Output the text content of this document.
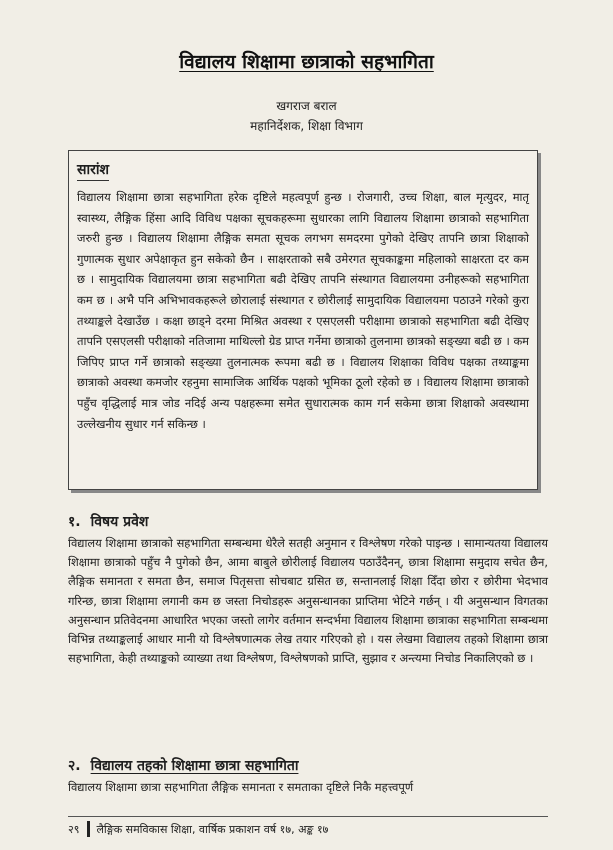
विद्यालय शिक्षामा छात्राको सहभागिता
खगराज बराल
महानिर्देशक, शिक्षा विभाग
सारांश

विद्यालय शिक्षामा छात्रा सहभागिता हरेक दृष्टिले महत्वपूर्ण हुन्छ । रोजगारी, उच्च शिक्षा, बाल मृत्युदर, मातृ स्वास्थ्य, लैङ्गिक हिंसा आदि विविध पक्षका सूचकहरूमा सुधारका लागि विद्यालय शिक्षामा छात्राको सहभागिता जरुरी हुन्छ । विद्यालय शिक्षामा लैङ्गिक समता सूचक लगभग समदरमा पुगेको देखिए तापनि छात्रा शिक्षाको गुणात्मक सुधार अपेक्षाकृत हुन सकेको छैन । साक्षरताको सबै उमेरगत सूचकाङ्कमा महिलाको साक्षरता दर कम छ । सामुदायिक विद्यालयमा छात्रा सहभागिता बढी देखिए तापनि संस्थागत विद्यालयमा उनीहरूको सहभागिता कम छ । अभै पनि अभिभावकहरूले छोरालाई संस्थागत र छोरीलाई सामुदायिक विद्यालयमा पठाउने गरेको कुरा तथ्याङ्कले देखाउँछ । कक्षा छाड्ने दरमा मिश्रित अवस्था र एसएलसी परीक्षामा छात्राको सहभागिता बढी देखिए तापनि एसएलसी परीक्षाको नतिजामा माथिल्लो ग्रेड प्राप्त गर्नेमा छात्राको तुलनामा छात्रको सङ्ख्या बढी छ । कम जिपिए प्राप्त गर्ने छात्राको सङ्ख्या तुलनात्मक रूपमा बढी छ । विद्यालय शिक्षाका विविध पक्षका तथ्याङ्कमा छात्राको अवस्था कमजोर रहनुमा सामाजिक आर्थिक पक्षको भूमिका ठूलो रहेको छ । विद्यालय शिक्षामा छात्राको पहुँच वृद्धिलाई मात्र जोड नदिई अन्य पक्षहरूमा समेत सुधारात्मक काम गर्न सकेमा छात्रा शिक्षाको अवस्थामा उल्लेखनीय सुधार गर्न सकिन्छ ।

१. विषय प्रवेश

विद्यालय शिक्षामा छात्राको सहभागिता सम्बन्धमा धेरैले सतही अनुमान र विश्लेषण गरेको पाइन्छ । सामान्यतया विद्यालय शिक्षामा छात्राको पहुँच नै पुगेको छैन, आमा बाबुले छोरीलाई विद्यालय पठाउँदैनन्, छात्रा शिक्षामा समुदाय सचेत छैन, लैङ्गिक समानता र समता छैन, समाज पितृसत्ता सोचबाट ग्रसित छ, सन्तानलाई शिक्षा दिँदा छोरा र छोरीमा भेदभाव गरिन्छ, छात्रा शिक्षामा लगानी कम छ जस्ता निचोडहरू अनुसन्धानका प्राप्तिमा भेटिने गर्छन् । यी अनुसन्धान विगतका अनुसन्धान प्रतिवेदनमा आधारित भएका जस्तो लागेर वर्तमान सन्दर्भमा विद्यालय शिक्षामा छात्राका सहभागिता सम्बन्धमा विभिन्न तथ्याङ्कलाई आधार मानी यो विश्लेषणात्मक लेख तयार गरिएको हो । यस लेखमा विद्यालय तहको शिक्षामा छात्रा सहभागिता, केही तथ्याङ्कको व्याख्या तथा विश्लेषण, विश्लेषणको प्राप्ति, सुझाव र अन्त्यमा निचोड निकालिएको छ ।

२. विद्यालय तहको शिक्षामा छात्रा सहभागिता

विद्यालय शिक्षामा छात्रा सहभागिता लैङ्गिक समानता र समताका दृष्टिले निकै महत्त्वपूर्ण

२९ लैङ्गिक समविकास शिक्षा, वार्षिक प्रकाशन वर्ष १७, अङ्क १७
